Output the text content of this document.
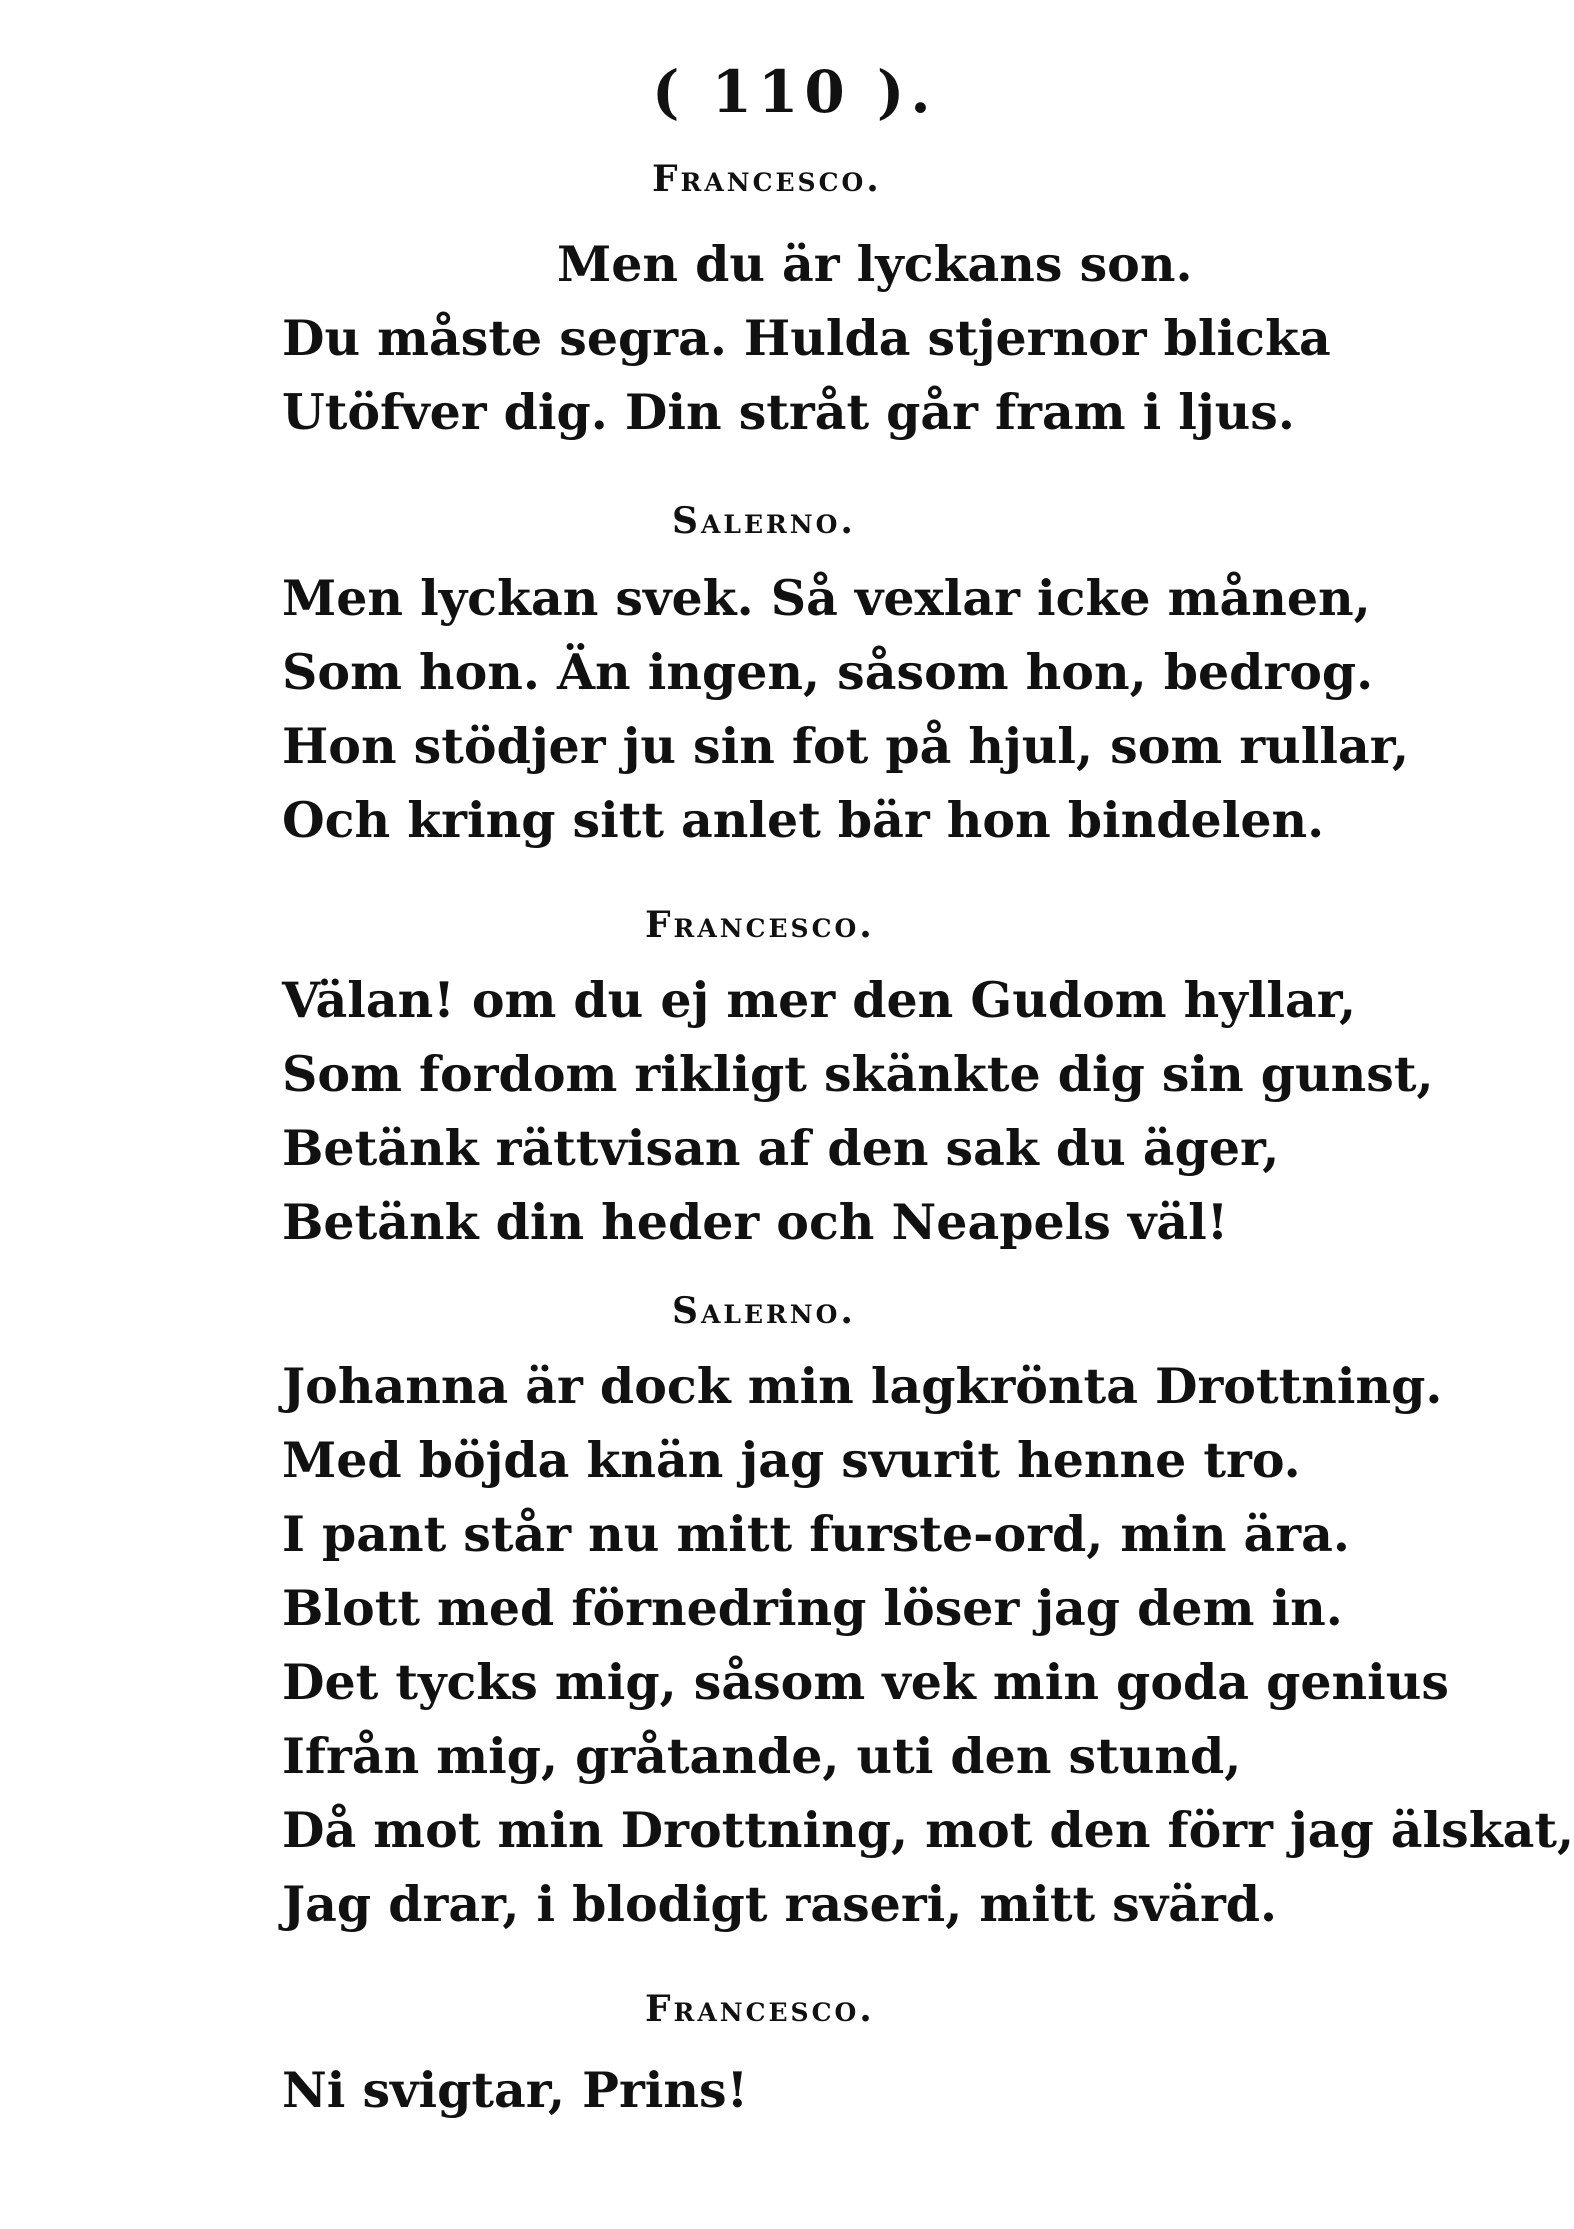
( 110 ).
Francesco.
Men du är lyckans son.
Du måste segra. Hulda stjernor blicka
Utöfver dig. Din stråt går fram i ljus.
Salerno.
Men lyckan svek. Så vexlar icke månen,
Som hon. Än ingen, såsom hon, bedrog.
Hon stödjer ju sin fot på hjul, som rullar,
Och kring sitt anlet bär hon bindelen.
Francesco.
Välan! om du ej mer den Gudom hyllar,
Som fordom rikligt skänkte dig sin gunst,
Betänk rättvisan af den sak du äger,
Betänk din heder och Neapels väl!
Salerno.
Johanna är dock min lagkrönta Drottning.
Med böjda knän jag svurit henne tro.
I pant står nu mitt furste-ord, min ära.
Blott med förnedring löser jag dem in.
Det tycks mig, såsom vek min goda genius
Ifrån mig, gråtande, uti den stund,
Då mot min Drottning, mot den förr jag älskat,
Jag drar, i blodigt raseri, mitt svärd.
Francesco.
Ni svigtar, Prins!
